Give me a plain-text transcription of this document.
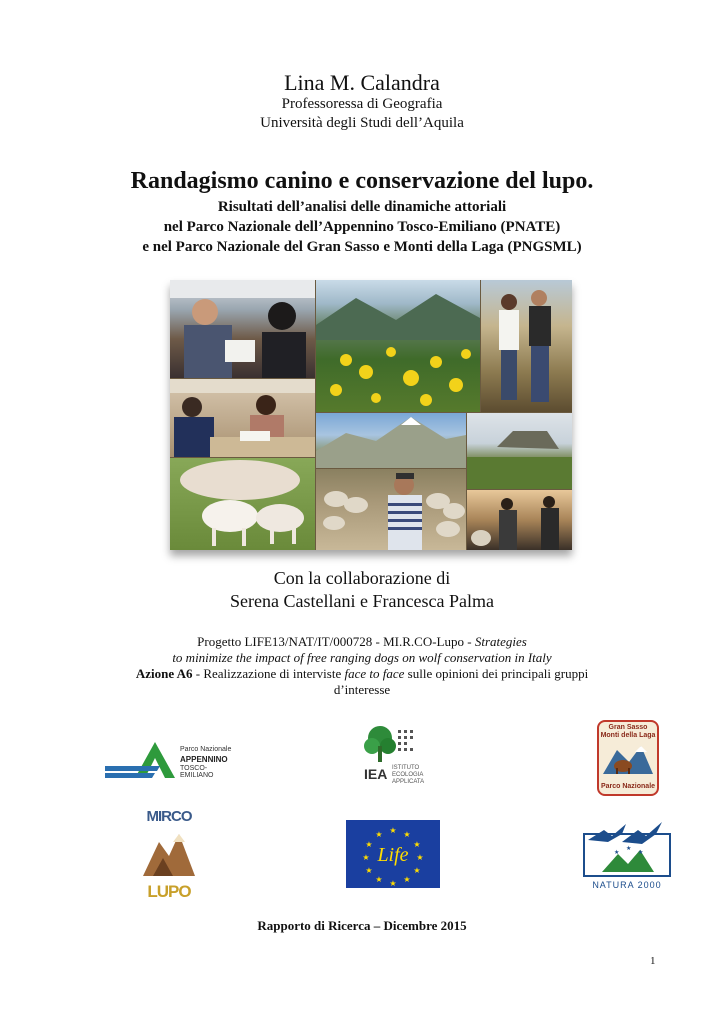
Lina M. Calandra
Professoressa di Geografia
Università degli Studi dell’Aquila
Randagismo canino e conservazione del lupo.
Risultati dell’analisi delle dinamiche attoriali
nel Parco Nazionale dell’Appennino Tosco-Emiliano (PNATE)
e nel Parco Nazionale del Gran Sasso e Monti della Laga (PNGSML)
Con la collaborazione di
Serena Castellani e Francesca Palma
Progetto LIFE13/NAT/IT/000728 - MI.R.CO-Lupo - Strategies
to minimize the impact of free ranging dogs on wolf conservation in Italy
Azione A6 - Realizzazione di interviste face to face sulle opinioni dei principali gruppi
d’interesse
Parco Nazionale
APPENNINO
TOSCO-EMILIANO	IEA ISTITUTO
ECOLOGIA
APPLICATA
Gran Sasso
Monti della Laga
Parco Nazionale
MIRCO
LUPO
★ ★
★
★
★
★
★
★
★
★
★
★
Life	★
★
★
NATURA 2000
Rapporto di Ricerca – Dicembre 2015
1
